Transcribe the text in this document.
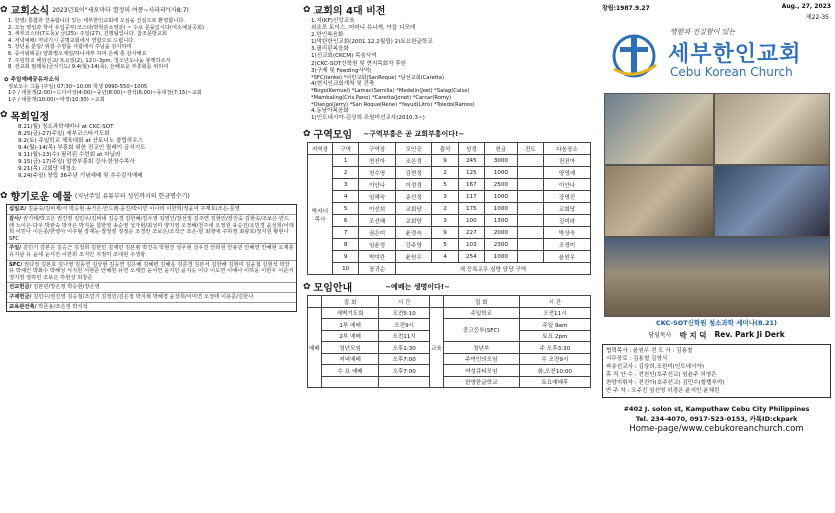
✿ 교회소식 2023년표어"세포마다 열정의 여풍~사라라"(사8:7)
1. 한영/ 통합과 찬송합니다 있는 세부한인교회에 오심을 진심으로 환영합니다.
2. 오늘 평일과 학사 유입공부(코스타/방학분소영분) ~ 수요 문을입시다(여소예살공회)
3. 세부코스타(7도동)/ 금(25)- 주일(27), 진행됩입니다. 참조문방교회
4. 저녁예배/ 저녁기시 공명교회에서 연합으로 드립니다.
5. 장년을 분탕/ 위험·수양을 사람에서 주님을 감사하며
6. 중식워팩공/ 양화별오제일/하나세부 하여 은해 통 감사해요
7. 주일학교 해외선교/ 토요일(2), 12ㅁ-3pm, 청소년도나눔 봉행하소서
8. 전교회 필래목(금식기도/ 9.4(월)-14(목), 은혜로운 부흥회를 위하여
✿ 주일예배공유자소식
정보오수 그룹 (주일) 07:30~10:00 학생 0990-550~1005
1주 / 대물개(2:00)~드디어성(4:00)~중년(8:00)~결석(6:00)~동대장(7:15)~교회
1주 / 대물개(10:00)~마정(10:30) ~교회
✿ 목회일정
8.21(월) 청소과학세미나 at CKC-SOT
8.25(금)-27(주일) 세부코스타기도회
9.2(토) 주일학교 체육대회 at 산토니노 클럽하우스
9.4(월)-14(목) 부흥회 위한 전교인 릴레이 금식기도
9.11(월)-13(수) 필리핀 수련회 at 마닐라
9.15(금)-17(주일) 말씀부흥회 강사:한창수목사
9.21(목) 교회당 대청소
9.24(주일) 창립 36주년 기념예배 및 추수감사예배
✿ 향기로운 예물 (지난주일 유튜부터 성인까지의 헌금명수기)
십일조/ 김윤숙/김비제/서 박승현·송가은·안드레·윤진/박이민 이나리 이한희/정윤여 주재호/조은·문영
감사/ 권기태/박고은 권진영 김민우/김비네 김승경 김한혜/김우영 김영인/장선정 김주연 김현민/장진숙 김현숙/조보은·안드레 노이은·다우 박관숙 박자은 박지윤 설한영 송순영 성가현/최성미 양지영 오정해/천주네 오정원 유승진/오민경 윤성희/이대희 이민나 이은종/한영아 이주형 장재능·장정영 정정순 조경란 조보은/조석근 조은·헌 최영애 주하영 최광호/정지원 황현나 SFC
주일/ 김민기 김본은 김승근 김정희 김한민 김재민 김본범 박진숙 박현진 성우현 성우진 안희원 안용민 안혜연 안혜현 오재훈 유지남 유 윤세 윤서진 이한희 조지민 지정미 조대원 주생광
SFC/ 권다정 김본호 김나영 김동연 김상현 김승연 김은혜 김혜련 김혜운 김준경 김본서 김한해 김현미 김윤철 김현석 박찬유 박채린 박화수 박혜성 서지원 서현준 안혜원 유연 오세연 윤서연 윤지민 윤지승 이다 이도연 이예나 이하윤 이한우 이준서 정지영 정하민 조보은 하현성 허창준
선교헌금/ 김본민/장은정 박승현/장은영
구제헌금/ 김민수/권진영 김승철/조민기 김정민/김은정 박지혁 박혜경 윤상희/이미연 오정태 이용준/김한나
교육관건축/ 박준용/조은정 박지석
✿ 교회의 4대 비전
1.지(KF)신앙교육
외조모 토이스, 어머니 유니게, 아들 디모데
2.한인복음화
1)막탄한인교회(2001.12.2월립) 2)토요한글학교
3.필리핀복음화
1)신교회(CKCM) 목숨사역
2)CKC-SOT신학원 및 현지목회자 후원
3)구제 및 Feeding사역(
*SFC(tanke) *어린교회(SanRoque) *남선교회(Caretta)
4)현지인교회개척 및 건축
*Bogo(Kemuel) *Lamac(Semilla) *Medelin(Joel) *Salag(Calos)
*Mambaling(Cris.Pano) *Caretta(Jonet) *Carcar(Romy)
*Olango(Jerry) *San Roque(Rene) *Yayud(Litro) *Toledo(Ramos)
4.동남아복음화
1)인도네시아-김상희 조원미선교사(2010.3~)
✿ 구역모임 ~구역부흥은 곧 교회부흥이다!~
지역장	구역	구역장	모인곳	출석	성경	헌금	전도	다음장소
박지더 목사	1	천진아	조은경	9	245	3000		천진아
	2	천수영	김현정	2	125	1000		양영예
	3	이안나	이정경	5	167	2500		이안나
	4	임혜숙	송선정	3	117	1000		강명진
	5	이선희	교회당	2	175	1000		교회당
	6	조선혜	교회당	3	100	1300		김미라
	7	권은미	윤경숙	9	227	2000		박상숙
	8	임윤정	강주영	5	103	2300		조경미
	9	박미란	윤원우	4	254	1000		윤원우
	10	장귀순	새 등록교우 심방 담당 구역					
✿ 모임안내	~예배는 생명이다!~
	집 회	시 간		집 회	시 간
예배	새벽기도회	오전5:10	교육	주일학교	오전11시
	1부 예배	오전9시		중고등부(SFC)	주일 9am
	2부 예배	오전11시			토요 2pm
	청년모임	오후1:30		청년부	주 오후3:30
	저녁예배	오후7:00		주여인의모임	수 오전9시
	수 요 예배	오후7:00		여성큐티모임	화,오전10:00
				한영한글학교	토요예배후
창립:1987.9.27	Aug., 27, 2023
제22-35
행함과 진실함이 있는
세부한인교회
Cebu Korean Church
CKC-SOT신학원 청소과학 세미나(8.21)
담임목사 박 지 덕 Rev. Park Ji Derk
협력목사 : 윤원우 전 도 사 : 김용철
시무장로 : 김용철 김영식
파송선교사 : 김상희,조원미(인도네시아)
휴 직 안 수 : 전천인(호주선교) 임윤주 허영은
찬양지휘자 : 전진아(호주선교) 김민수(할렐루야)
반 주 자 : 오주진 임선영 허경은 윤지민 윤채린
#402 J. solon st, Kamputhaw Cebu City Philippines
Tel. 234-4070, 0917-523-0153, 카톡ID:ckpark
Home-page/www.cebukoreanchurch.com
